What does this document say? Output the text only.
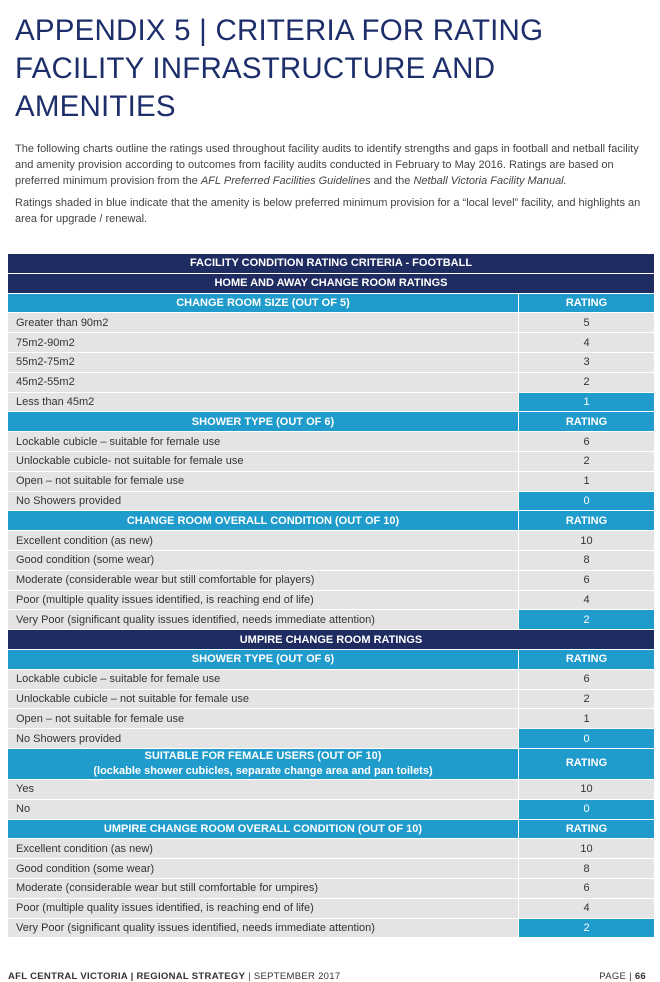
APPENDIX 5 | CRITERIA FOR RATING
FACILITY INFRASTRUCTURE AND
AMENITIES

The following charts outline the ratings used throughout facility audits to identify strengths and gaps in football and netball facility and amenity provision according to outcomes from facility audits conducted in February to May 2016. Ratings are based on preferred minimum provision from the AFL Preferred Facilities Guidelines and the Netball Victoria Facility Manual.

Ratings shaded in blue indicate that the amenity is below preferred minimum provision for a “local level” facility, and highlights an area for upgrade / renewal.

FACILITY CONDITION RATING CRITERIA - FOOTBALL	
HOME AND AWAY CHANGE ROOM RATINGS	
CHANGE ROOM SIZE (OUT OF 5)	RATING
Greater than 90m2	5
75m2-90m2	4
55m2-75m2	3
45m2-55m2	2
Less than 45m2	1
SHOWER TYPE (OUT OF 6)	RATING
Lockable cubicle – suitable for female use	6
Unlockable cubicle- not suitable for female use	2
Open – not suitable for female use	1
No Showers provided	0
CHANGE ROOM OVERALL CONDITION (OUT OF 10)	RATING
Excellent condition (as new)	10
Good condition (some wear)	8
Moderate (considerable wear but still comfortable for players)	6
Poor (multiple quality issues identified, is reaching end of life)	4
Very Poor (significant quality issues identified, needs immediate attention)	2
UMPIRE CHANGE ROOM RATINGS	
SHOWER TYPE (OUT OF 6)	RATING
Lockable cubicle – suitable for female use	6
Unlockable cubicle – not suitable for female use	2
Open – not suitable for female use	1
No Showers provided	0

SUITABLE FOR FEMALE USERS (OUT OF 10)
(lockable shower cubicles, separate change area and pan toilets)	RATING
Yes	10
No	0
UMPIRE CHANGE ROOM OVERALL CONDITION (OUT OF 10)	RATING
Excellent condition (as new)	10
Good condition (some wear)	8
Moderate (considerable wear but still comfortable for umpires)	6
Poor (multiple quality issues identified, is reaching end of life)	4
Very Poor (significant quality issues identified, needs immediate attention)	2
AFL CENTRAL VICTORIA | REGIONAL STRATEGY | SEPTEMBER 2017	PAGE | 66
